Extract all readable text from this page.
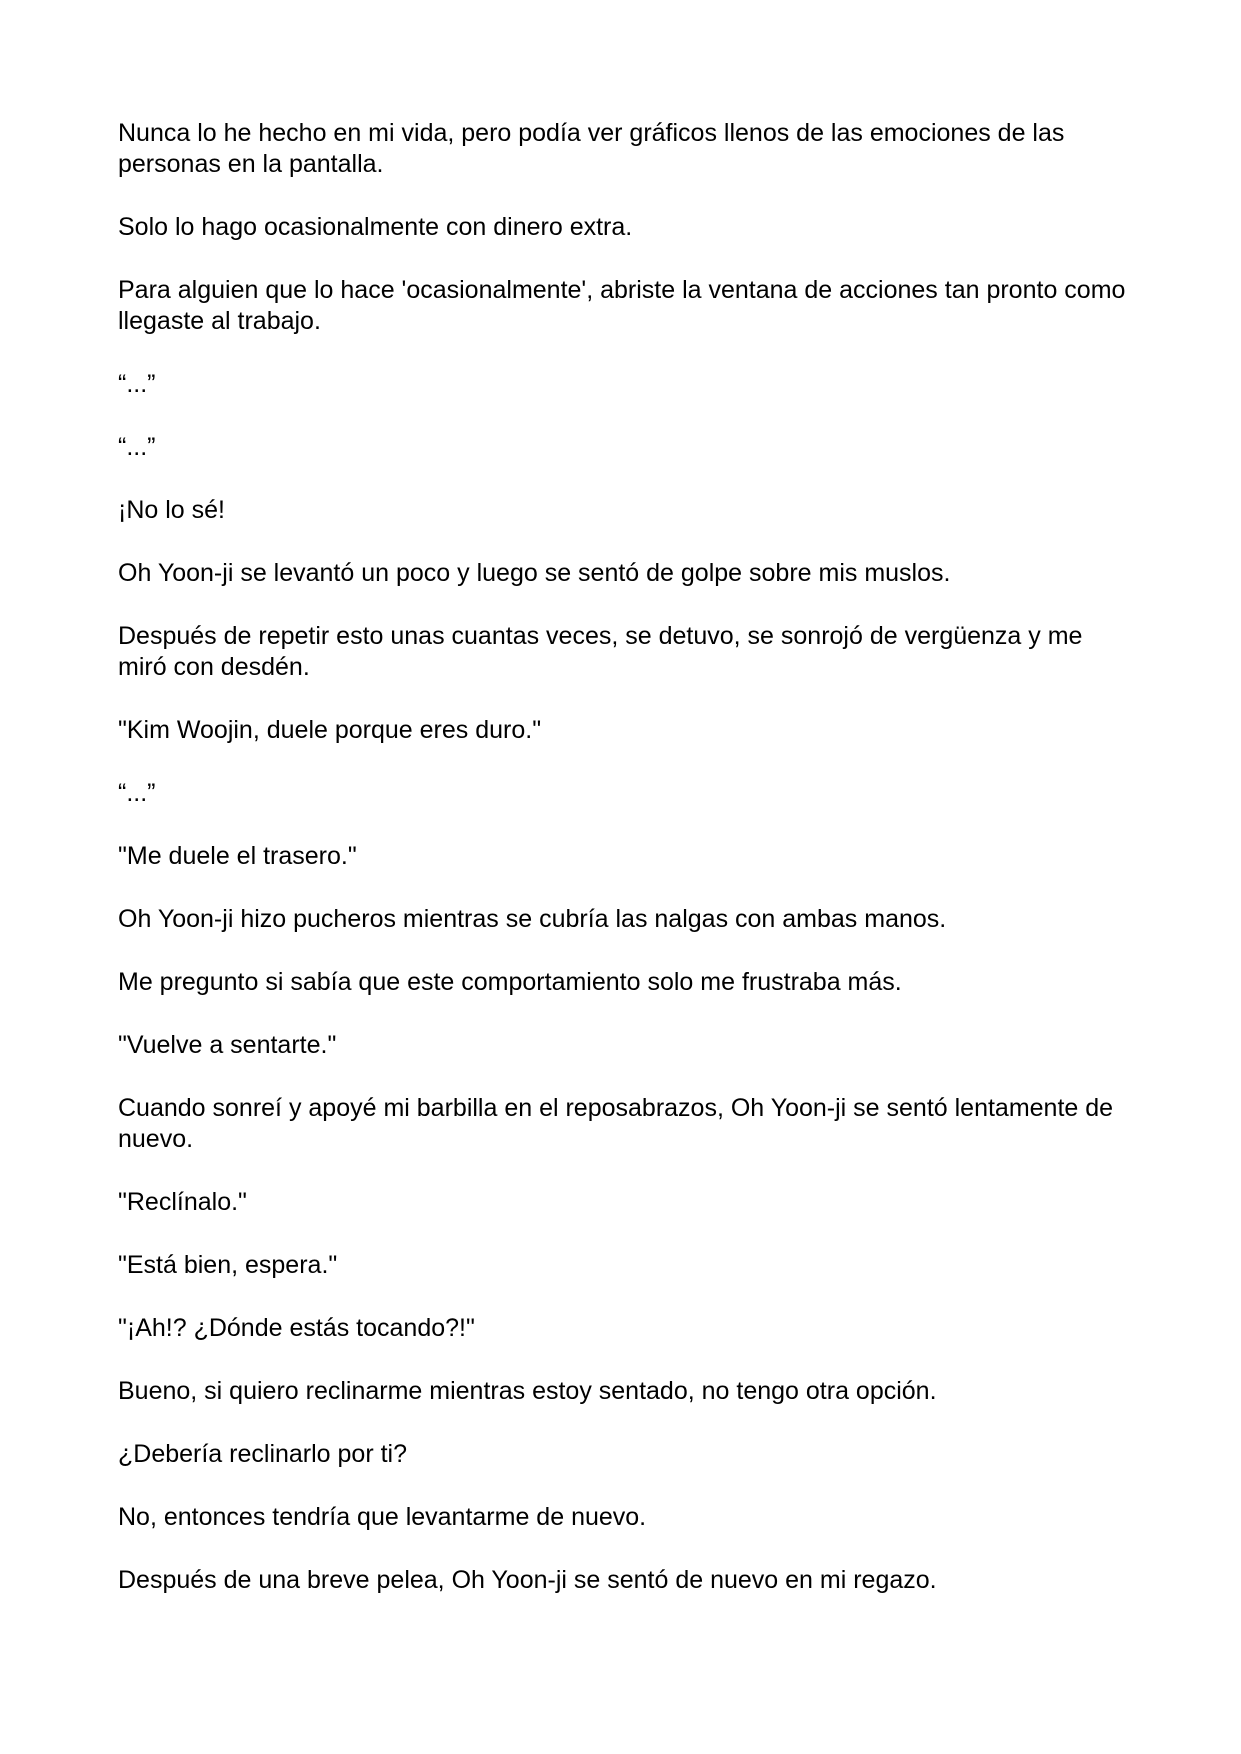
Nunca lo he hecho en mi vida, pero podía ver gráficos llenos de las emociones de las personas en la pantalla.

Solo lo hago ocasionalmente con dinero extra.

Para alguien que lo hace 'ocasionalmente', abriste la ventana de acciones tan pronto como llegaste al trabajo.

“...”

“...”

¡No lo sé!

Oh Yoon-ji se levantó un poco y luego se sentó de golpe sobre mis muslos.

Después de repetir esto unas cuantas veces, se detuvo, se sonrojó de vergüenza y me miró con desdén.

"Kim Woojin, duele porque eres duro."

“...”

"Me duele el trasero."

Oh Yoon-ji hizo pucheros mientras se cubría las nalgas con ambas manos.

Me pregunto si sabía que este comportamiento solo me frustraba más.

"Vuelve a sentarte."

Cuando sonreí y apoyé mi barbilla en el reposabrazos, Oh Yoon-ji se sentó lentamente de nuevo.

"Reclínalo."

"Está bien, espera."

"¡Ah!? ¿Dónde estás tocando?!"

Bueno, si quiero reclinarme mientras estoy sentado, no tengo otra opción.

¿Debería reclinarlo por ti?

No, entonces tendría que levantarme de nuevo.

Después de una breve pelea, Oh Yoon-ji se sentó de nuevo en mi regazo.
